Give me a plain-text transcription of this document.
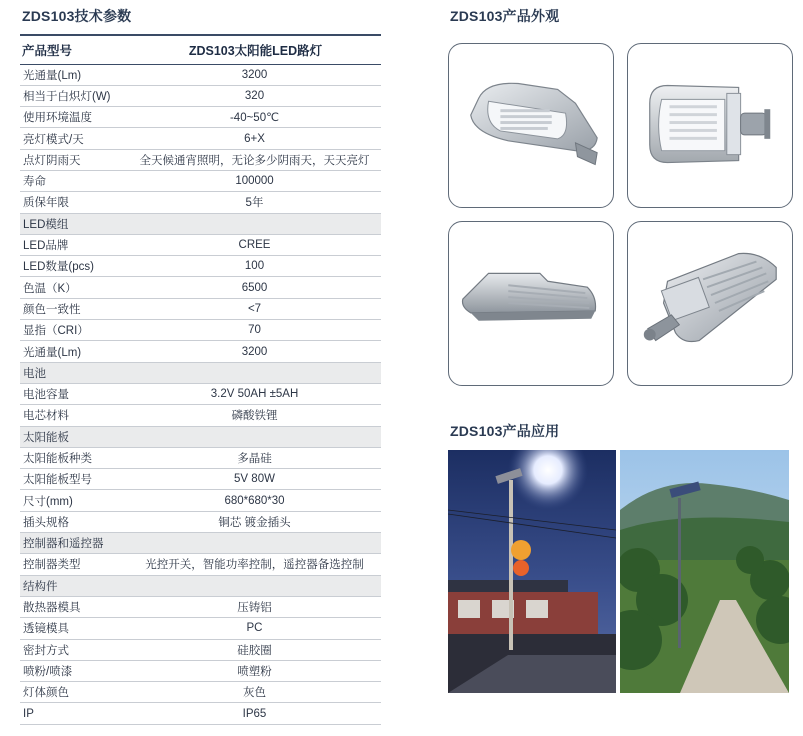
ZDS103技术参数
产品型号	ZDS103太阳能LED路灯
光通量(Lm)	3200
相当于白炽灯(W)	320
使用环境温度	-40~50℃
亮灯模式/天	6+X
点灯阴雨天	全天候通宵照明，无论多少阴雨天，天天亮灯
寿命	100000
质保年限	5年
LED模组	
LED品牌	CREE
LED数量(pcs)	100
色温（K）	6500
颜色一致性	<7
显指（CRI）	70
光通量(Lm)	3200
电池	
电池容量	3.2V 50AH ±5AH
电芯材料	磷酸铁锂
太阳能板	
太阳能板种类	多晶硅
太阳能板型号	5V 80W
尺寸(mm)	680*680*30
插头规格	铜芯 镀金插头
控制器和遥控器	
控制器类型	光控开关，智能功率控制，遥控器备选控制
结构件	
散热器模具	压铸铝
透镜模具	PC
密封方式	硅胶圈
喷粉/喷漆	喷塑粉
灯体颜色	灰色
IP	IP65
ZDS103产品外观
ZDS103产品应用
